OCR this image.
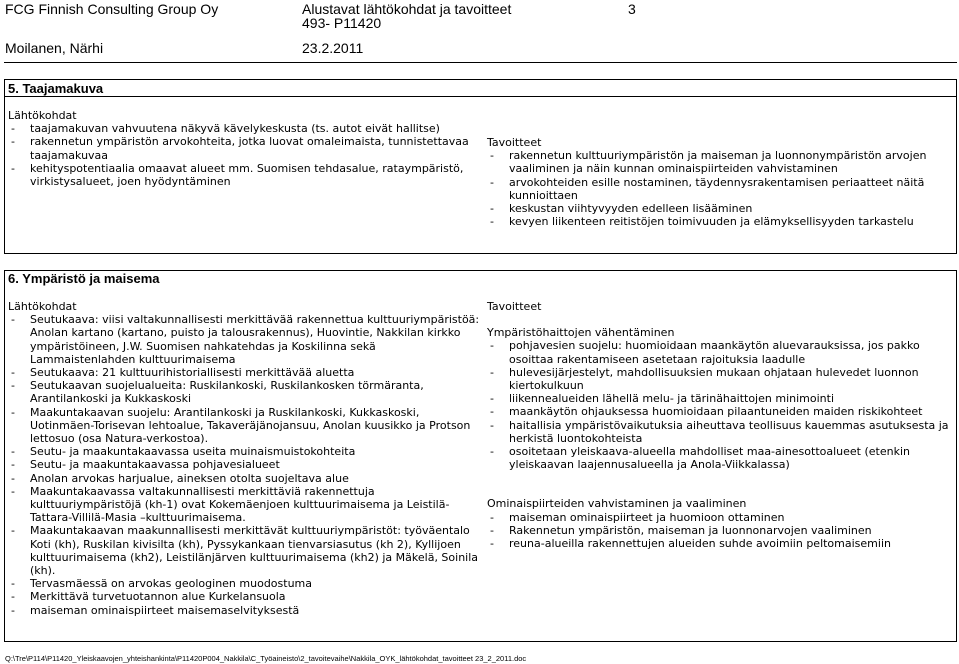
FCG Finnish Consulting Group Oy	Alustavat lähtökohdat ja tavoitteet	3
493- P11420
Moilanen, Närhi	23.2.2011
5. Taajamakuva
Lähtökohdat
- taajamakuvan vahvuutena näkyvä kävelykeskusta (ts. autot eivät hallitse)
- rakennetun ympäristön arvokohteita, jotka luovat omaleimaista, tunnistettavaa taajamakuvaa
- kehityspotentiaalia omaavat alueet mm. Suomisen tehdasalue, rataympäristö, virkistysalueet, joen hyödyntäminen
Tavoitteet
- rakennetun kulttuuriympäristön ja maiseman ja luonnonympäristön arvojen vaaliminen ja näin kunnan ominaispiirteiden vahvistaminen
- arvokohteiden esille nostaminen, täydennysrakentamisen periaatteet näitä kunnioittaen
- keskustan viihtyvyyden edelleen lisääminen
- kevyen liikenteen reitistöjen toimivuuden ja elämyksellisyyden tarkastelu
6. Ympäristö ja maisema
Lähtökohdat
- Seutukaava: viisi valtakunnallisesti merkittävää rakennettua kulttuuriympäristöä: Anolan kartano (kartano, puisto ja talousrakennus), Huovintie, Nakkilan kirkko ympäristöineen, J.W. Suomisen nahkatehdas ja Koskilinna sekä Lammaistenlahden kulttuurimaisema
- Seutukaava: 21 kulttuurihistoriallisesti merkittävää aluetta
- Seutukaavan suojelualueita: Ruskilankoski, Ruskilankosken törmäranta, Arantilankoski ja Kukkaskoski
- Maakuntakaavan suojelu: Arantilankoski ja Ruskilankoski, Kukkaskoski, Uotinmäen-Torisevan lehtoalue, Takaveräjänojansuu, Anolan kuusikko ja Protson lettosuo (osa Natura-verkostoa).
- Seutu- ja maakuntakaavassa useita muinaismuistokohteita
- Seutu- ja maakuntakaavassa pohjavesialueet
- Anolan arvokas harjualue, aineksen otolta suojeltava alue
- Maakuntakaavassa valtakunnallisesti merkittäviä rakennettuja kulttuuriympäristöjä (kh-1) ovat Kokemäenjoen kulttuurimaisema ja Leistilä-Tattara-Villilä-Masia –kulttuurimaisema.
- Maakuntakaavan maakunnallisesti merkittävät kulttuuriympäristöt: työväentalo Koti (kh), Ruskilan kivisilta (kh), Pyssykankaan tienvarsiasutus (kh 2), Kyllijoen kulttuurimaisema (kh2), Leistilänjärven kulttuurimaisema (kh2) ja Mäkelä, Soinila (kh).
- Tervasmäessä on arvokas geologinen muodostuma
- Merkittävä turvetuotannon alue Kurkelansuola
- maiseman ominaispiirteet maisemaselvityksestä
Tavoitteet
Ympäristöhaittojen vähentäminen
- pohjavesien suojelu: huomioidaan maankäytön aluevarauksissa, jos pakko osoittaa rakentamiseen asetetaan rajoituksia laadulle
- hulevesijärjestelyt, mahdollisuuksien mukaan ohjataan hulevedet luonnon kiertokulkuun
- liikennealueiden lähellä melu- ja tärinähaittojen minimointi
- maankäytön ohjauksessa huomioidaan pilaantuneiden maiden riskikohteet
- haitallisia ympäristövaikutuksia aiheuttava teollisuus kauemmas asutuksesta ja herkistä luontokohteista
- osoitetaan yleiskaava-alueella mahdolliset maa-ainesottoalueet (etenkin yleiskaavan laajennusalueella ja Anola-Viikkalassa)
Ominaispiirteiden vahvistaminen ja vaaliminen
- maiseman ominaispiirteet ja huomioon ottaminen
- Rakennetun ympäristön, maiseman ja luonnonarvojen vaaliminen
- reuna-alueilla rakennettujen alueiden suhde avoimiin peltomaisemiin
Q:\Tre\P114\P11420_Yleiskaavojen_yhteishankinta\P11420P004_Nakkila\C_Työaineisto\2_tavoitevaihe\Nakkila_OYK_lähtökohdat_tavoitteet 23_2_2011.doc
